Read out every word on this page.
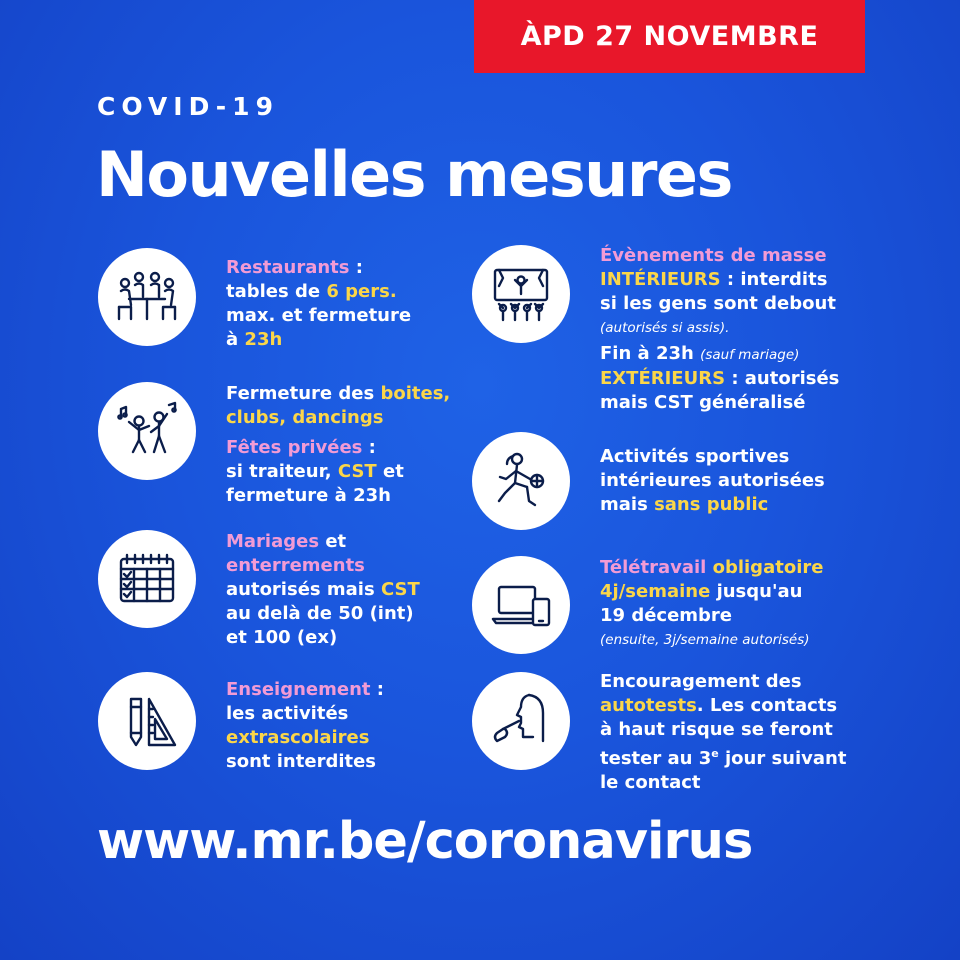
ÀPD 27 NOVEMBRE
COVID-19
Nouvelles mesures
Restaurants :
tables de 6 pers.
max. et fermeture
à 23h
Fermeture des boites,
clubs, dancings
Fêtes privées :
si traiteur, CST et
fermeture à 23h
Mariages et
enterrements
autorisés mais CST
au delà de 50 (int)
et 100 (ex)
Enseignement :
les activités
extrascolaires
sont interdites
Évènements de masse
INTÉRIEURS : interdits
si les gens sont debout
(autorisés si assis).
Fin à 23h (sauf mariage)
EXTÉRIEURS : autorisés
mais CST généralisé
Activités sportives
intérieures autorisées
mais sans public
Télétravail obligatoire
4j/semaine jusqu'au
19 décembre
(ensuite, 3j/semaine autorisés)
Encouragement des
autotests. Les contacts
à haut risque se feront
tester au 3e jour suivant
le contact
www.mr.be/coronavirus
